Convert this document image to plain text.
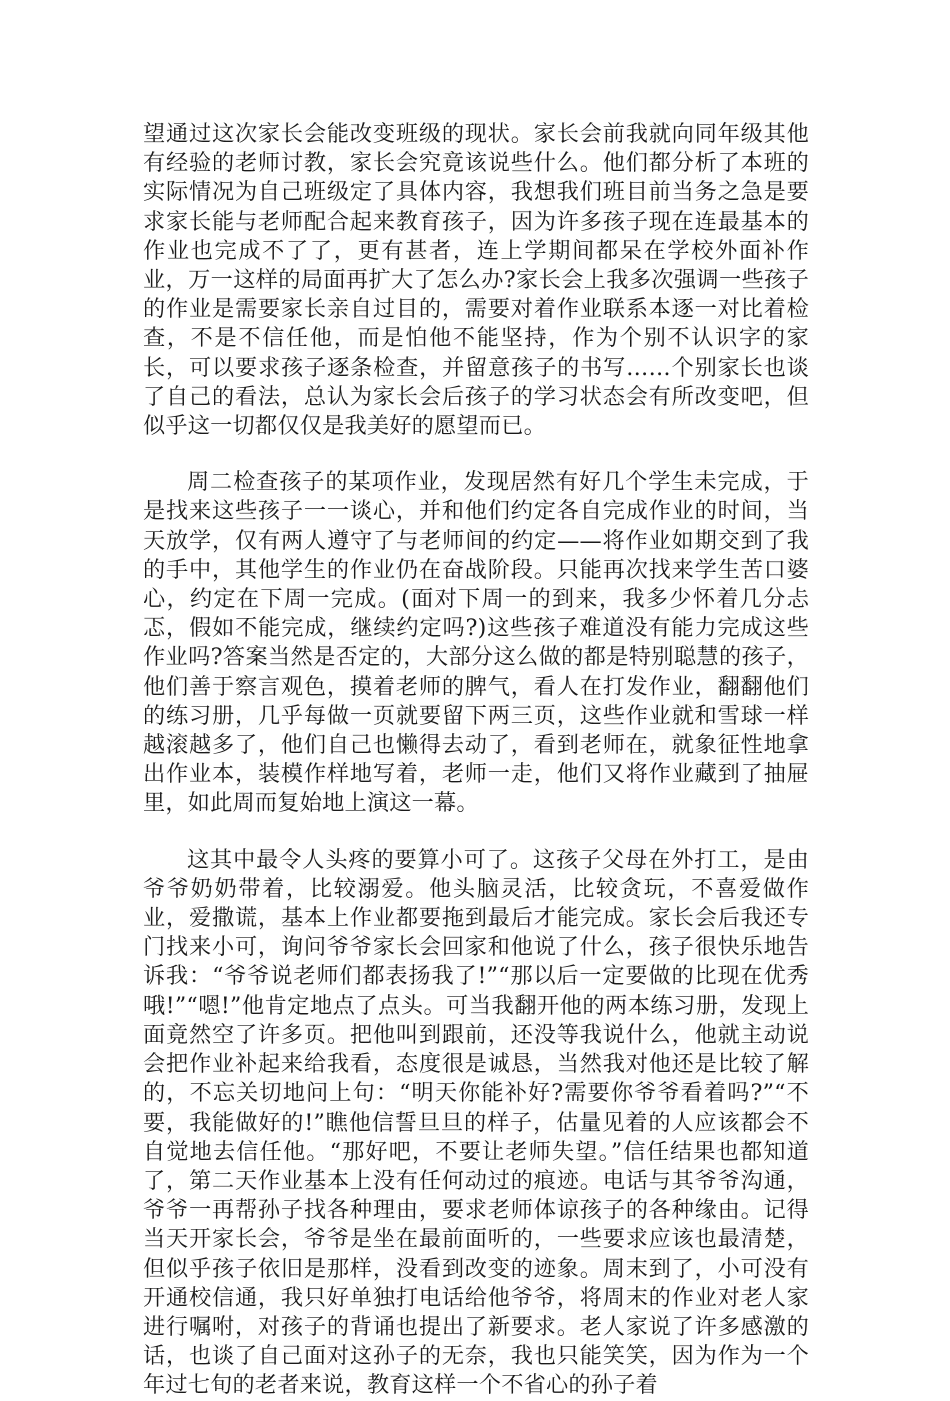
望通过这次家长会能改变班级的现状。家长会前我就向同年级其他有经验的老师讨教，家长会究竟该说些什么。他们都分析了本班的实际情况为自己班级定了具体内容，我想我们班目前当务之急是要求家长能与老师配合起来教育孩子，因为许多孩子现在连最基本的作业也完成不了了，更有甚者，连上学期间都呆在学校外面补作业，万一这样的局面再扩大了怎么办?家长会上我多次强调一些孩子的作业是需要家长亲自过目的，需要对着作业联系本逐一对比着检查，不是不信任他，而是怕他不能坚持，作为个别不认识字的家长，可以要求孩子逐条检查，并留意孩子的书写……个别家长也谈了自己的看法，总认为家长会后孩子的学习状态会有所改变吧，但似乎这一切都仅仅是我美好的愿望而已。

周二检查孩子的某项作业，发现居然有好几个学生未完成，于是找来这些孩子一一谈心，并和他们约定各自完成作业的时间，当天放学，仅有两人遵守了与老师间的约定——将作业如期交到了我的手中，其他学生的作业仍在奋战阶段。只能再次找来学生苦口婆心，约定在下周一完成。(面对下周一的到来，我多少怀着几分忐忑，假如不能完成，继续约定吗?)这些孩子难道没有能力完成这些作业吗?答案当然是否定的，大部分这么做的都是特别聪慧的孩子，他们善于察言观色，摸着老师的脾气，看人在打发作业，翻翻他们的练习册，几乎每做一页就要留下两三页，这些作业就和雪球一样越滚越多了，他们自己也懒得去动了，看到老师在，就象征性地拿出作业本，装模作样地写着，老师一走，他们又将作业藏到了抽屉里，如此周而复始地上演这一幕。

这其中最令人头疼的要算小可了。这孩子父母在外打工，是由爷爷奶奶带着，比较溺爱。他头脑灵活，比较贪玩，不喜爱做作业，爱撒谎，基本上作业都要拖到最后才能完成。家长会后我还专门找来小可，询问爷爷家长会回家和他说了什么，孩子很快乐地告诉我：“爷爷说老师们都表扬我了!”“那以后一定要做的比现在优秀哦!”“嗯!”他肯定地点了点头。可当我翻开他的两本练习册，发现上面竟然空了许多页。把他叫到跟前，还没等我说什么，他就主动说会把作业补起来给我看，态度很是诚恳，当然我对他还是比较了解的，不忘关切地问上句：“明天你能补好?需要你爷爷看着吗?”“不要，我能做好的!”瞧他信誓旦旦的样子，估量见着的人应该都会不自觉地去信任他。“那好吧，不要让老师失望。”信任结果也都知道了，第二天作业基本上没有任何动过的痕迹。电话与其爷爷沟通，爷爷一再帮孙子找各种理由，要求老师体谅孩子的各种缘由。记得当天开家长会，爷爷是坐在最前面听的，一些要求应该也最清楚，但似乎孩子依旧是那样，没看到改变的迹象。周末到了，小可没有开通校信通，我只好单独打电话给他爷爷，将周末的作业对老人家进行嘱咐，对孩子的背诵也提出了新要求。老人家说了许多感激的话，也谈了自己面对这孙子的无奈，我也只能笑笑，因为作为一个年过七旬的老者来说，教育这样一个不省心的孙子着
